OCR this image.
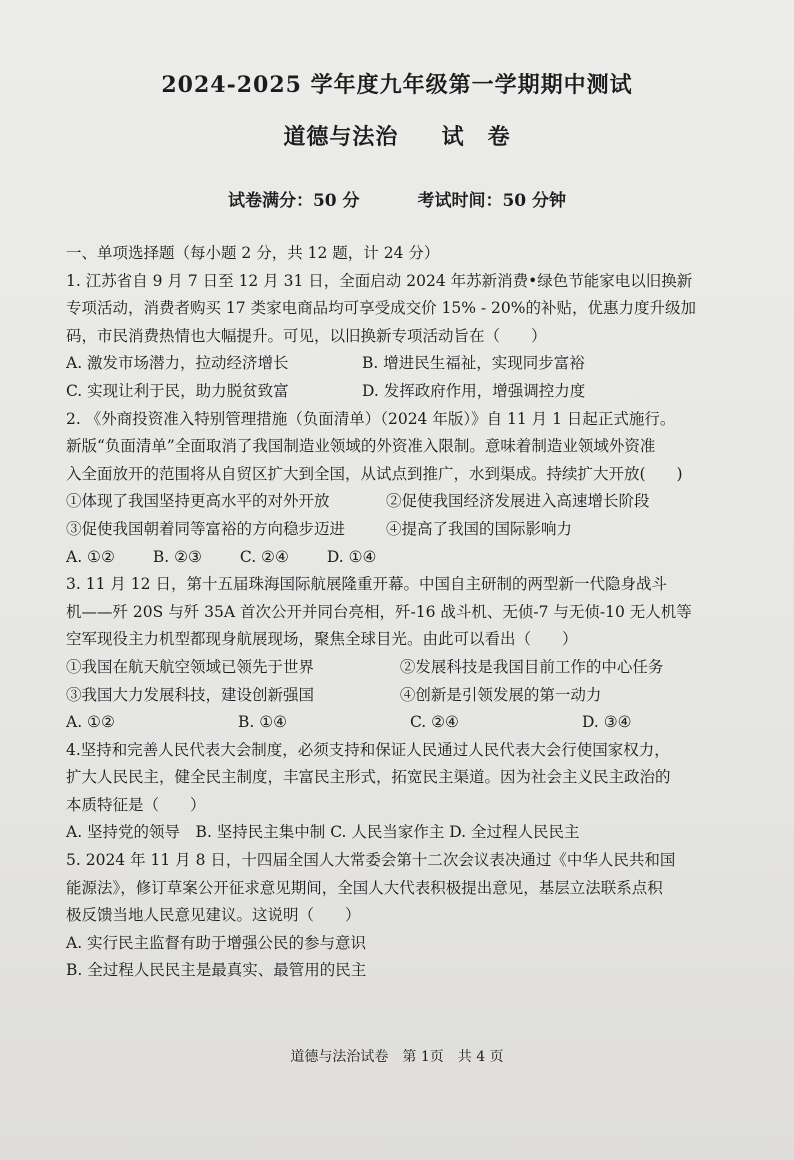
2024-2025 学年度九年级第一学期期中测试
道德与法治 试　卷
试卷满分：50 分	考试时间：50 分钟
一、单项选择题（每小题 2 分，共 12 题，计 24 分）
1. 江苏省自 9 月 7 日至 12 月 31 日，全面启动 2024 年苏新消费•绿色节能家电以旧换新
专项活动，消费者购买 17 类家电商品均可享受成交价 15% - 20%的补贴，优惠力度升级加
码，市民消费热情也大幅提升。可见，以旧换新专项活动旨在（　　）
A. 激发市场潜力，拉动经济增长	B. 增进民生福祉，实现同步富裕
C. 实现让利于民，助力脱贫致富	D. 发挥政府作用，增强调控力度
2. 《外商投资准入特别管理措施（负面清单）（2024 年版）》自 11 月 1 日起正式施行。
新版“负面清单”全面取消了我国制造业领域的外资准入限制。意味着制造业领域外资准
入全面放开的范围将从自贸区扩大到全国，从试点到推广，水到渠成。持续扩大开放(　　)
①体现了我国坚持更高水平的对外开放	②促使我国经济发展进入高速增长阶段
③促使我国朝着同等富裕的方向稳步迈进	④提高了我国的国际影响力
A. ①② B. ②③ C. ②④ D. ①④
3. 11 月 12 日，第十五届珠海国际航展隆重开幕。中国自主研制的两型新一代隐身战斗
机——歼 20S 与歼 35A 首次公开并同台亮相，歼-16 战斗机、无侦-7 与无侦-10 无人机等
空军现役主力机型都现身航展现场，聚焦全球目光。由此可以看出（　　）
①我国在航天航空领域已领先于世界	②发展科技是我国目前工作的中心任务
③我国大力发展科技，建设创新强国	④创新是引领发展的第一动力
A. ①②	B. ①④	C. ②④	D. ③④
4.坚持和完善人民代表大会制度，必须支持和保证人民通过人民代表大会行使国家权力，
扩大人民民主，健全民主制度，丰富民主形式，拓宽民主渠道。因为社会主义民主政治的
本质特征是（　　）
A. 坚持党的领导　B. 坚持民主集中制 C. 人民当家作主 D. 全过程人民民主
5. 2024 年 11 月 8 日，十四届全国人大常委会第十二次会议表决通过《中华人民共和国
能源法》，修订草案公开征求意见期间，全国人大代表积极提出意见，基层立法联系点积
极反馈当地人民意见建议。这说明（　　）
A. 实行民主监督有助于增强公民的参与意识
B. 全过程人民民主是最真实、最管用的民主
道德与法治试卷　第 1页　共 4 页
